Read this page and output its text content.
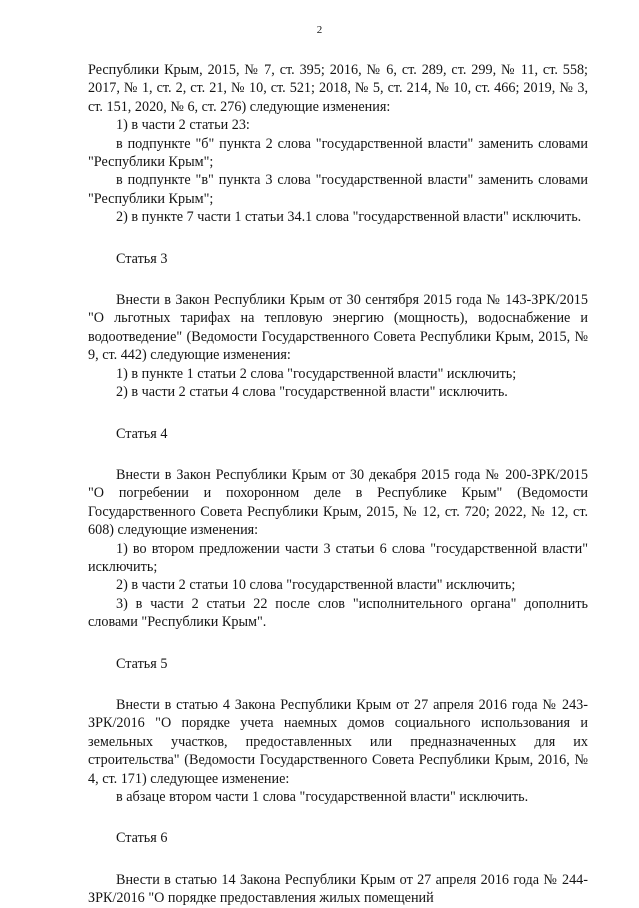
2

Республики Крым, 2015, № 7, ст. 395; 2016, № 6, ст. 289, ст. 299, № 11, ст. 558; 2017, № 1, ст. 2, ст. 21, № 10, ст. 521; 2018, № 5, ст. 214, № 10, ст. 466; 2019, № 3, ст. 151, 2020, № 6, ст. 276) следующие изменения:

1) в части 2 статьи 23:

в подпункте "б" пункта 2 слова "государственной власти" заменить словами "Республики Крым";

в подпункте "в" пункта 3 слова "государственной власти" заменить словами "Республики Крым";

2) в пункте 7 части 1 статьи 34.1 слова "государственной власти" исключить.

Статья 3

Внести в Закон Республики Крым от 30 сентября 2015 года № 143-ЗРК/2015 "О льготных тарифах на тепловую энергию (мощность), водоснабжение и водоотведение" (Ведомости Государственного Совета Республики Крым, 2015, № 9, ст. 442) следующие изменения:

1) в пункте 1 статьи 2 слова "государственной власти" исключить;

2) в части 2 статьи 4 слова "государственной власти" исключить.

Статья 4

Внести в Закон Республики Крым от 30 декабря 2015 года № 200-ЗРК/2015 "О погребении и похоронном деле в Республике Крым" (Ведомости Государственного Совета Республики Крым, 2015, № 12, ст. 720; 2022, № 12, ст. 608) следующие изменения:

1) во втором предложении части 3 статьи 6 слова "государственной власти" исключить;

2) в части 2 статьи 10 слова "государственной власти" исключить;

3) в части 2 статьи 22 после слов "исполнительного органа" дополнить словами "Республики Крым".

Статья 5

Внести в статью 4 Закона Республики Крым от 27 апреля 2016 года № 243-ЗРК/2016 "О порядке учета наемных домов социального использования и земельных участков, предоставленных или предназначенных для их строительства" (Ведомости Государственного Совета Республики Крым, 2016, № 4, ст. 171) следующее изменение:

в абзаце втором части 1 слова "государственной власти" исключить.

Статья 6

Внести в статью 14 Закона Республики Крым от 27 апреля 2016 года № 244-ЗРК/2016 "О порядке предоставления жилых помещений
